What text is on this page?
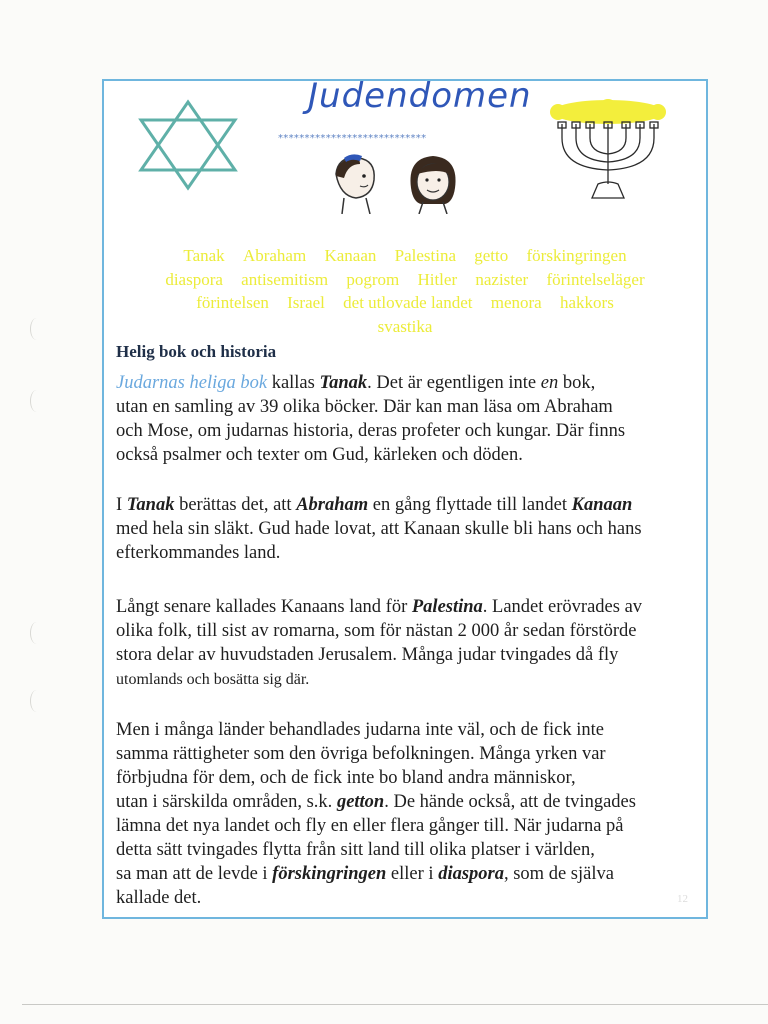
Judendomen
****************************
Tanak Abraham Kanaan Palestina getto förskingringen
diaspora antisemitism pogrom Hitler nazister förintelseläger
förintelsen Israel det utlovade landet menora hakkors
svastika
Helig bok och historia
Judarnas heliga bok kallas Tanak. Det är egentligen inte en bok,
utan en samling av 39 olika böcker. Där kan man läsa om Abraham
och Mose, om judarnas historia, deras profeter och kungar. Där finns
också psalmer och texter om Gud, kärleken och döden.
I Tanak berättas det, att Abraham en gång flyttade till landet Kanaan
med hela sin släkt. Gud hade lovat, att Kanaan skulle bli hans och hans
efterkommandes land.
Långt senare kallades Kanaans land för Palestina. Landet erövrades av
olika folk, till sist av romarna, som för nästan 2 000 år sedan förstörde
stora delar av huvudstaden Jerusalem. Många judar tvingades då fly
utomlands och bosätta sig där.
Men i många länder behandlades judarna inte väl, och de fick inte
samma rättigheter som den övriga befolkningen. Många yrken var
förbjudna för dem, och de fick inte bo bland andra människor,
utan i särskilda områden, s.k. getton. De hände också, att de tvingades
lämna det nya landet och fly en eller flera gånger till. När judarna på
detta sätt tvingades flytta från sitt land till olika platser i världen,
sa man att de levde i förskingringen eller i diaspora, som de själva
kallade det.	12
